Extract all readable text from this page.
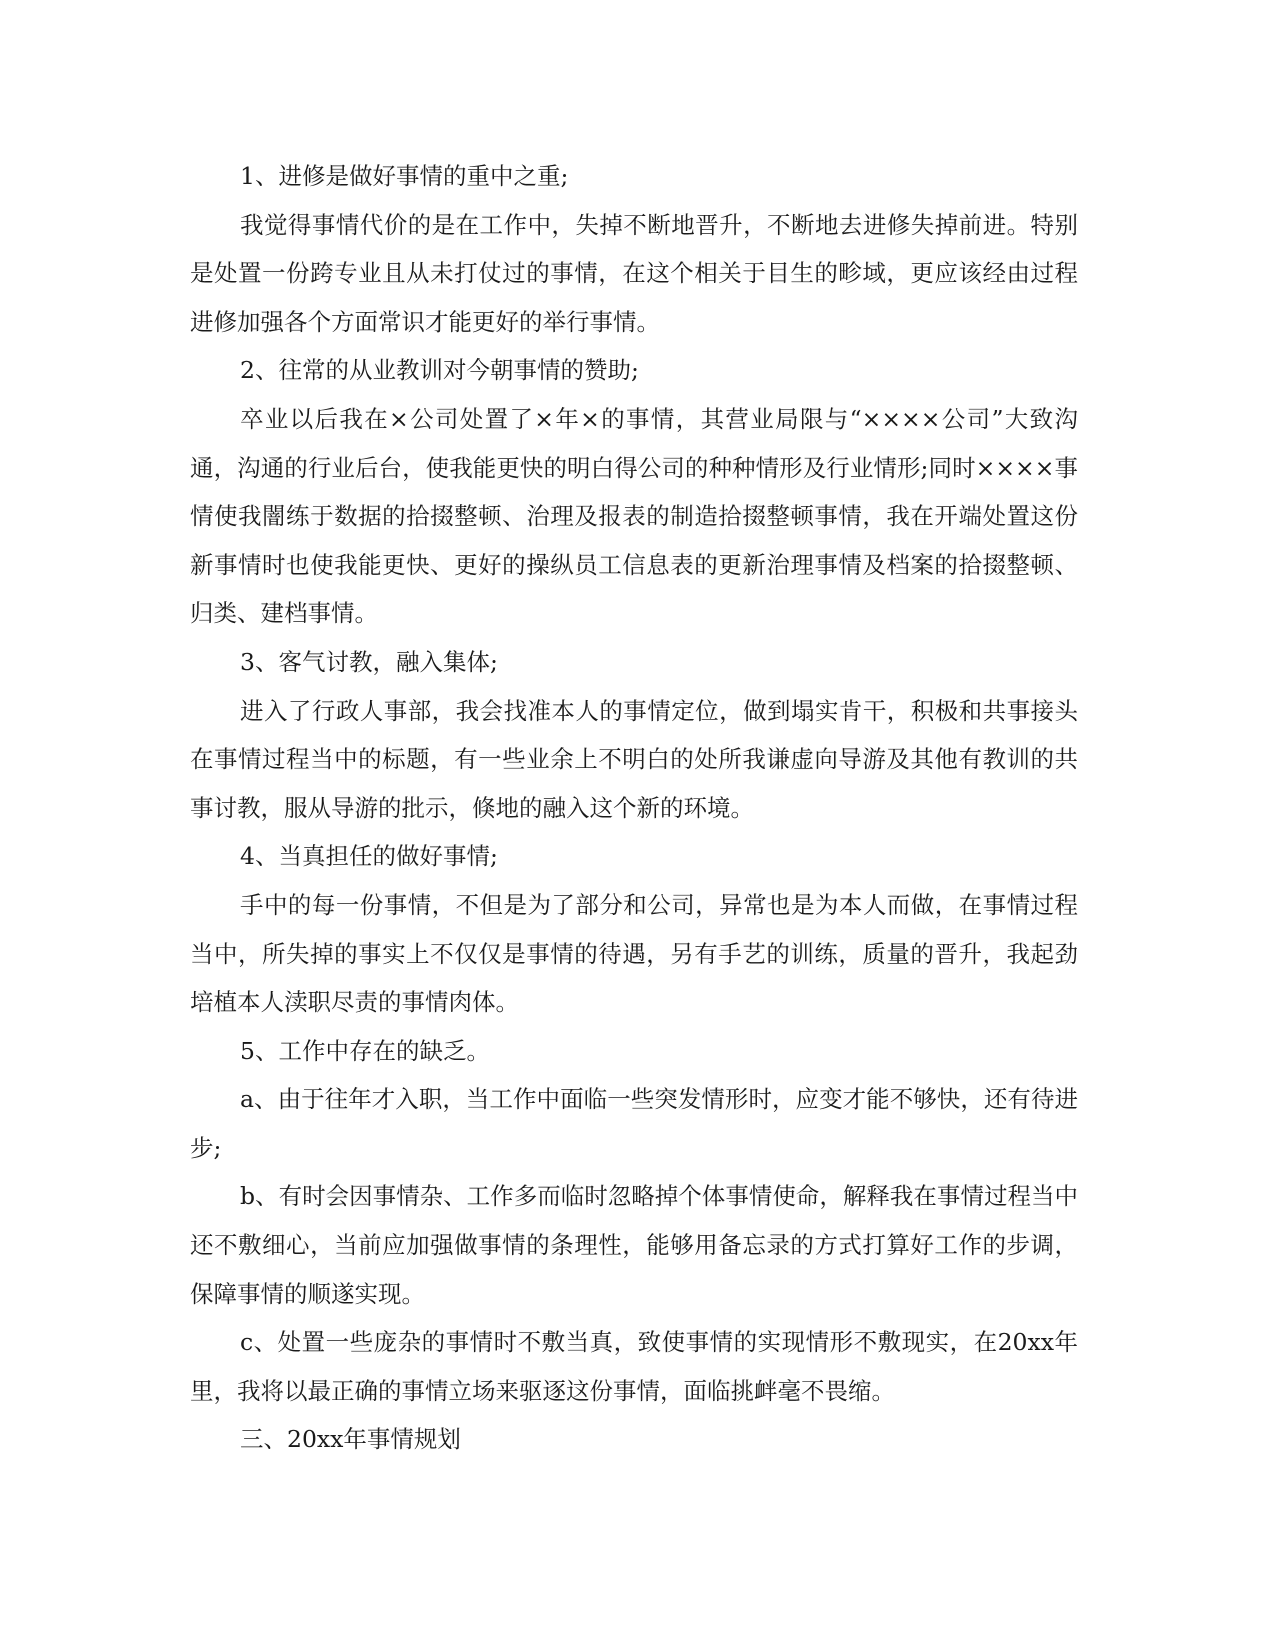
1、进修是做好事情的重中之重;

我觉得事情代价的是在工作中，失掉不断地晋升，不断地去进修失掉前进。特别是处置一份跨专业且从未打仗过的事情，在这个相关于目生的畛域，更应该经由过程进修加强各个方面常识才能更好的举行事情。

2、往常的从业教训对今朝事情的赞助;

卒业以后我在×公司处置了×年×的事情，其营业局限与“××××公司”大致沟通，沟通的行业后台，使我能更快的明白得公司的种种情形及行业情形;同时××××事情使我闇练于数据的拾掇整顿、治理及报表的制造拾掇整顿事情，我在开端处置这份新事情时也使我能更快、更好的操纵员工信息表的更新治理事情及档案的拾掇整顿、归类、建档事情。

3、客气讨教，融入集体;

进入了行政人事部，我会找准本人的事情定位，做到塌实肯干，积极和共事接头在事情过程当中的标题，有一些业余上不明白的处所我谦虚向导游及其他有教训的共事讨教，服从导游的批示，倏地的融入这个新的环境。

4、当真担任的做好事情;

手中的每一份事情，不但是为了部分和公司，异常也是为本人而做，在事情过程当中，所失掉的事实上不仅仅是事情的待遇，另有手艺的训练，质量的晋升，我起劲培植本人渎职尽责的事情肉体。

5、工作中存在的缺乏。

a、由于往年才入职，当工作中面临一些突发情形时，应变才能不够快，还有待进步;

b、有时会因事情杂、工作多而临时忽略掉个体事情使命，解释我在事情过程当中还不敷细心，当前应加强做事情的条理性，能够用备忘录的方式打算好工作的步调，保障事情的顺遂实现。

c、处置一些庞杂的事情时不敷当真，致使事情的实现情形不敷现实，在20xx年里，我将以最正确的事情立场来驱逐这份事情，面临挑衅毫不畏缩。

三、20xx年事情规划
